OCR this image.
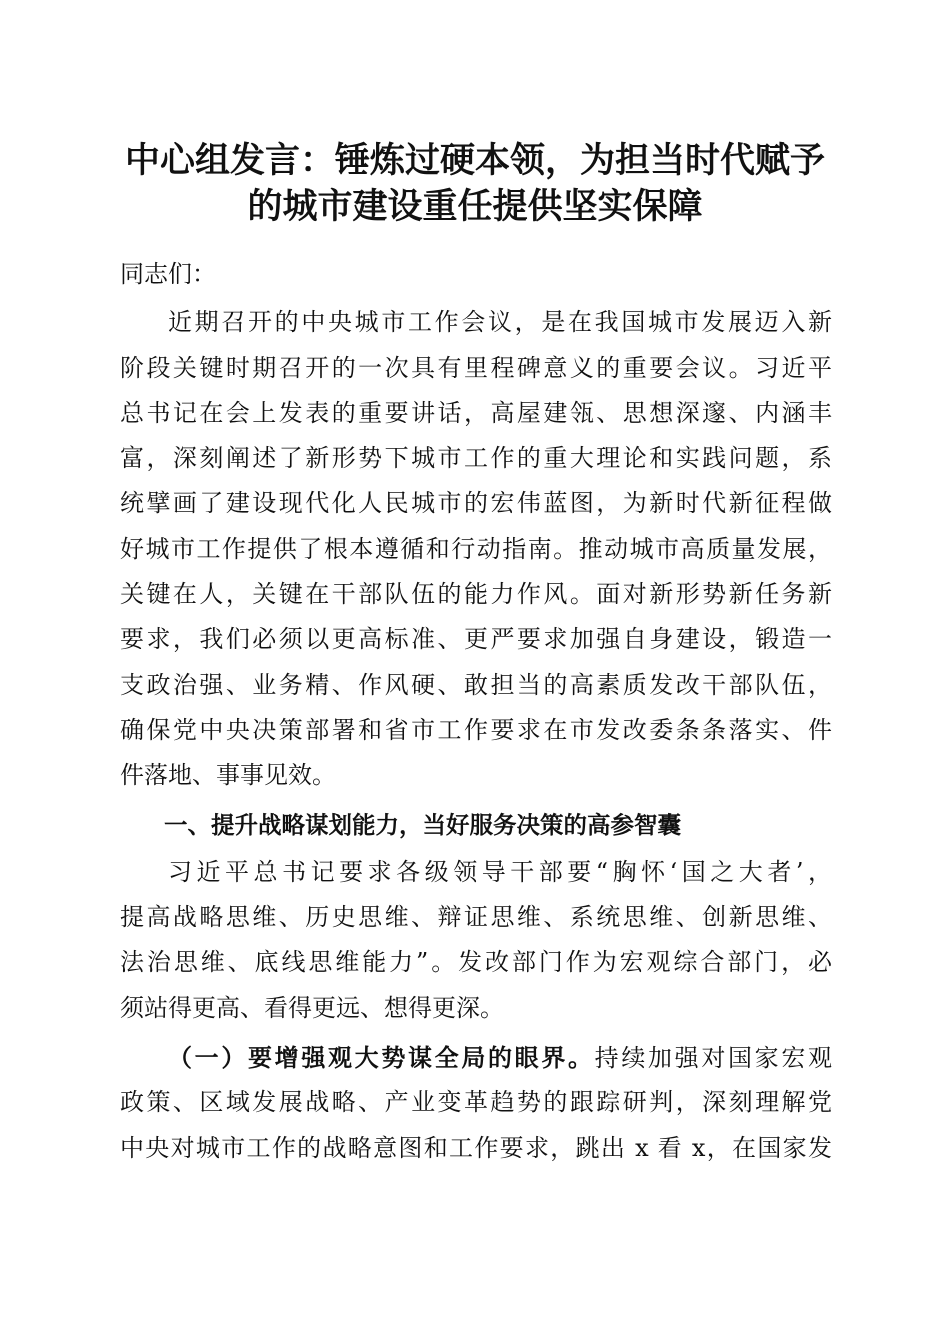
中心组发言：锤炼过硬本领，为担当时代赋予
的城市建设重任提供坚实保障
同志们：
近期召开的中央城市工作会议，是在我国城市发展迈入新
阶段关键时期召开的一次具有里程碑意义的重要会议。习近平
总书记在会上发表的重要讲话，高屋建瓴、思想深邃、内涵丰
富，深刻阐述了新形势下城市工作的重大理论和实践问题，系
统擘画了建设现代化人民城市的宏伟蓝图，为新时代新征程做
好城市工作提供了根本遵循和行动指南。推动城市高质量发展，
关键在人，关键在干部队伍的能力作风。面对新形势新任务新
要求，我们必须以更高标准、更严要求加强自身建设，锻造一
支政治强、业务精、作风硬、敢担当的高素质发改干部队伍，
确保党中央决策部署和省市工作要求在市发改委条条落实、件
件落地、事事见效。
一、提升战略谋划能力，当好服务决策的高参智囊
习近平总书记要求各级领导干部要“胸怀‘国之大者’，
提高战略思维、历史思维、辩证思维、系统思维、创新思维、
法治思维、底线思维能力”。发改部门作为宏观综合部门，必
须站得更高、看得更远、想得更深。
（一）要增强观大势谋全局的眼界。持续加强对国家宏观
政策、区域发展战略、产业变革趋势的跟踪研判，深刻理解党
中央对城市工作的战略意图和工作要求，跳出 x 看 x，在国家发
